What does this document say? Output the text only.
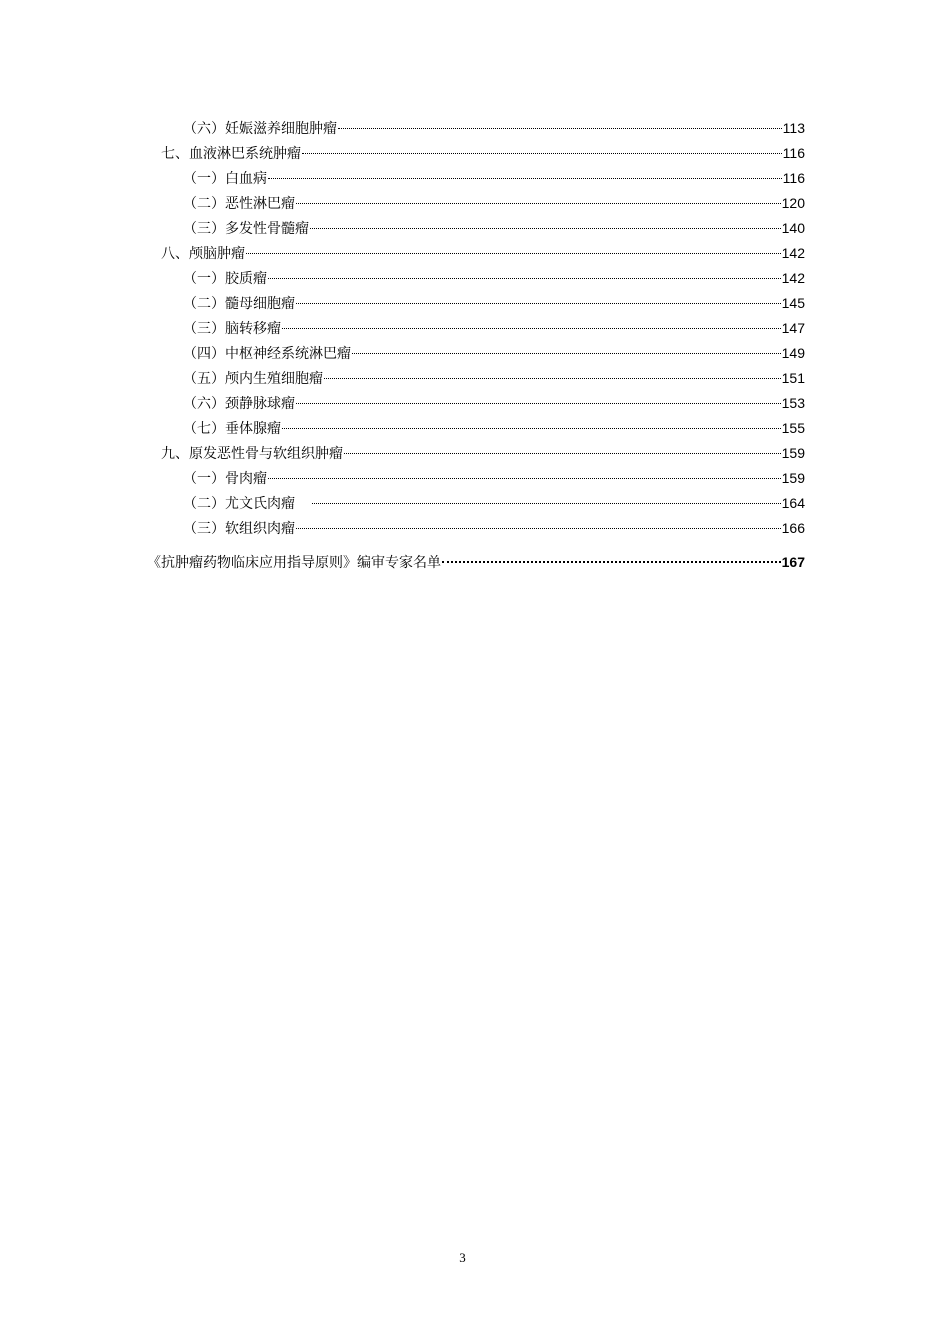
（六）妊娠滋养细胞肿瘤	113
七、血液淋巴系统肿瘤	116
（一）白血病	116
（二）恶性淋巴瘤	120
（三）多发性骨髓瘤	140
八、颅脑肿瘤	142
（一）胶质瘤	142
（二）髓母细胞瘤	145
（三）脑转移瘤	147
（四）中枢神经系统淋巴瘤	149
（五）颅内生殖细胞瘤	151
（六）颈静脉球瘤	153
（七）垂体腺瘤	155
九、原发恶性骨与软组织肿瘤	159
（一）骨肉瘤	159
（二）尤文氏肉瘤	164
（三）软组织肉瘤	166
《抗肿瘤药物临床应用指导原则》编审专家名单	167
3
